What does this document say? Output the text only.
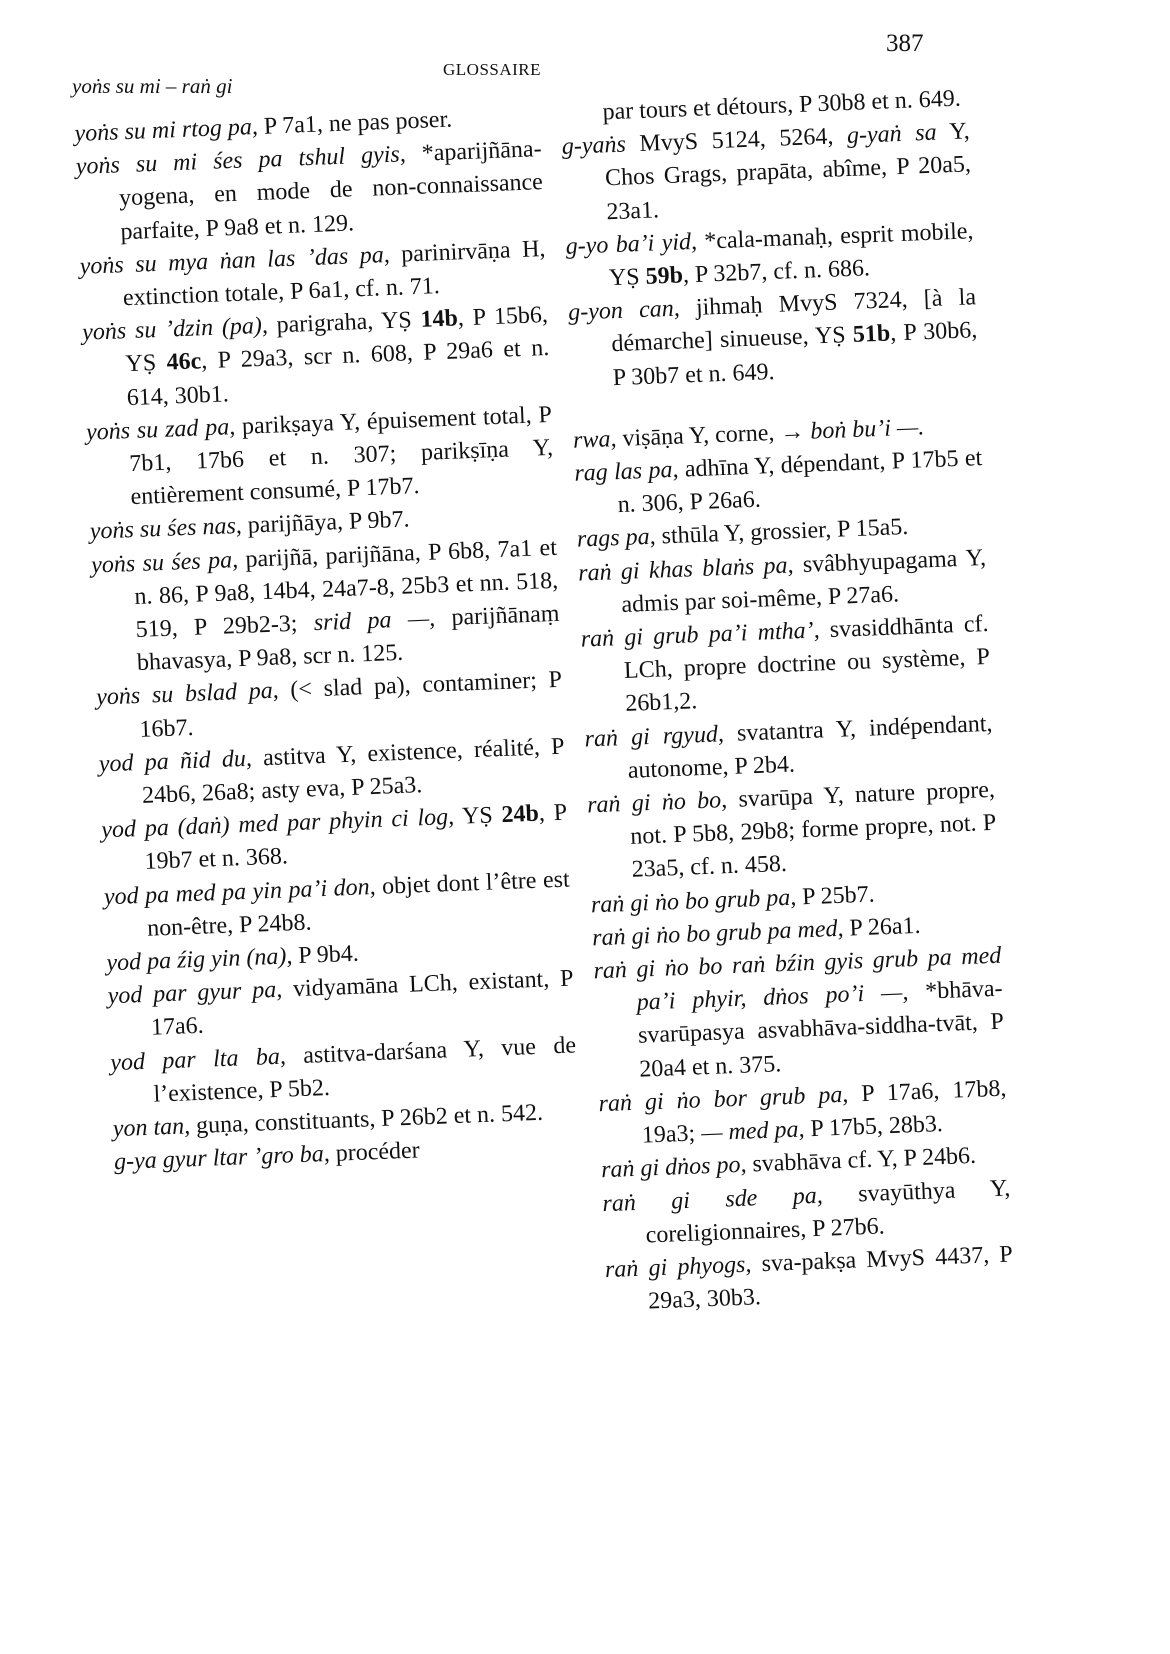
yoṅs su mi – raṅ gi
GLOSSAIRE
387

yoṅs su mi rtog pa, P 7a1, ne pas poser.

yoṅs su mi śes pa tshul gyis, *aparijñāna-yogena, en mode de non-connaissance parfaite, P 9a8 et n. 129.

yoṅs su mya ṅan las ’das pa, parinirvāṇa H, extinction totale, P 6a1, cf. n. 71.

yoṅs su ’dzin (pa), parigraha, YṢ 14b, P 15b6, YṢ 46c, P 29a3, scr n. 608, P 29a6 et n. 614, 30b1.

yoṅs su zad pa, parikṣaya Y, épuisement total, P 7b1, 17b6 et n. 307; parikṣīṇa Y, entièrement consumé, P 17b7.

yoṅs su śes nas, parijñāya, P 9b7.

yoṅs su śes pa, parijñā, parijñāna, P 6b8, 7a1 et n. 86, P 9a8, 14b4, 24a7-8, 25b3 et nn. 518, 519, P 29b2-3; srid pa —, parijñānaṃ bhavasya, P 9a8, scr n. 125.

yoṅs su bslad pa, (< slad pa), contaminer; P 16b7.

yod pa ñid du, astitva Y, existence, réalité, P 24b6, 26a8; asty eva, P 25a3.

yod pa (daṅ) med par phyin ci log, YṢ 24b, P 19b7 et n. 368.

yod pa med pa yin pa’i don, objet dont l’être est non-être, P 24b8.

yod pa źig yin (na), P 9b4.

yod par gyur pa, vidyamāna LCh, existant, P 17a6.

yod par lta ba, astitva-darśana Y, vue de l’existence, P 5b2.

yon tan, guṇa, constituants, P 26b2 et n. 542.

g-ya gyur ltar ’gro ba, procéder

par tours et détours, P 30b8 et n. 649.

g-yaṅs MvyS 5124, 5264, g-yaṅ sa Y, Chos Grags, prapāta, abîme, P 20a5, 23a1.

g-yo ba’i yid, *cala-manaḥ, esprit mobile, YṢ 59b, P 32b7, cf. n. 686.

g-yon can, jihmaḥ MvyS 7324, [à la démarche] sinueuse, YṢ 51b, P 30b6, P 30b7 et n. 649.

rwa, viṣāṇa Y, corne, → boṅ bu’i —.

rag las pa, adhīna Y, dépendant, P 17b5 et n. 306, P 26a6.

rags pa, sthūla Y, grossier, P 15a5.

raṅ gi khas blaṅs pa, svâbhyupagama Y, admis par soi-même, P 27a6.

raṅ gi grub pa’i mtha’, svasiddhānta cf. LCh, propre doctrine ou système, P 26b1,2.

raṅ gi rgyud, svatantra Y, indépendant, autonome, P 2b4.

raṅ gi ṅo bo, svarūpa Y, nature propre, not. P 5b8, 29b8; forme propre, not. P 23a5, cf. n. 458.

raṅ gi ṅo bo grub pa, P 25b7.

raṅ gi ṅo bo grub pa med, P 26a1.

raṅ gi ṅo bo raṅ bźin gyis grub pa med pa’i phyir, dṅos po’i —, *bhāva-svarūpasya asvabhāva-siddha-tvāt, P 20a4 et n. 375.

raṅ gi ṅo bor grub pa, P 17a6, 17b8, 19a3; — med pa, P 17b5, 28b3.

raṅ gi dṅos po, svabhāva cf. Y, P 24b6.

raṅ gi sde pa, svayūthya Y, coreligionnaires, P 27b6.

raṅ gi phyogs, sva-pakṣa MvyS 4437, P 29a3, 30b3.
